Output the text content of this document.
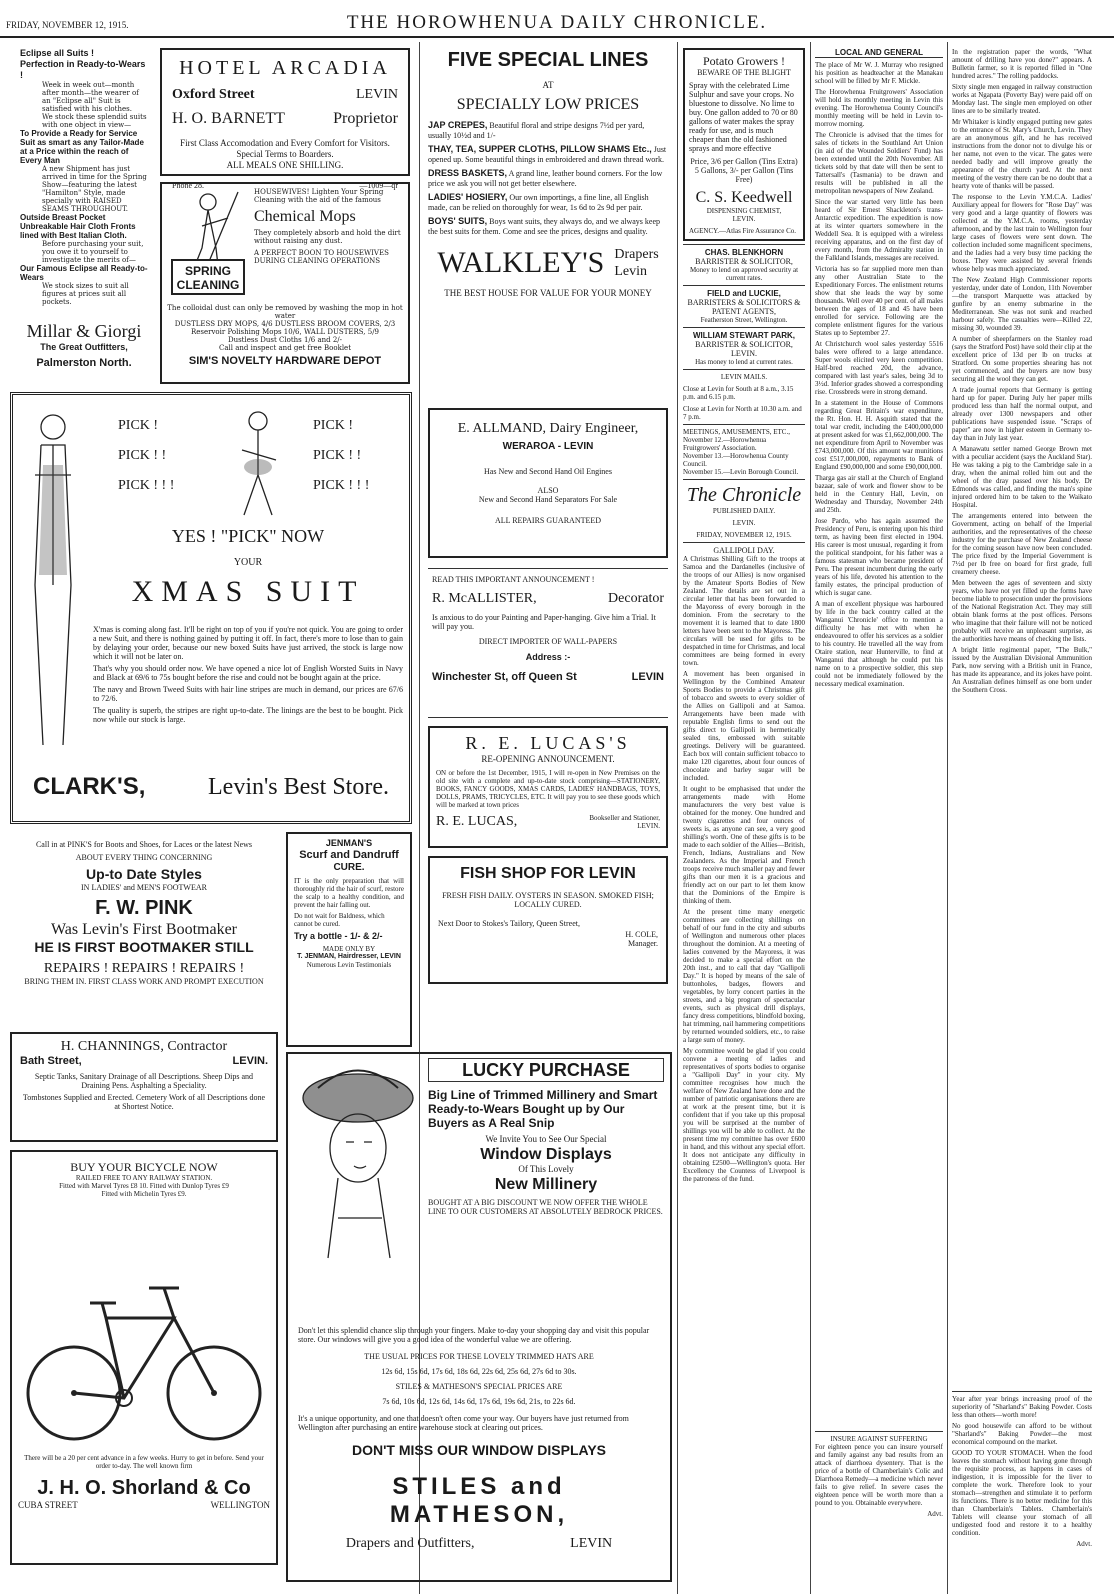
FRIDAY, NOVEMBER 12, 1915.	THE HOROWHENUA DAILY CHRONICLE.
Eclipse all Suits !
Perfection in Ready-to-Wears !
Week in week out—month after month—the wearer of an "Eclipse all" Suit is satisfied with his clothes.
We stock these splendid suits with one object in view—
To Provide a Ready for Service Suit as smart as any Tailor-Made at a Price within the reach of Every Man
A new Shipment has just arrived in time for the Spring Show—featuring the latest "Hamilton" Style, made specially with RAISED SEAMS THROUGHOUT.
Outside Breast Pocket Unbreakable Hair Cloth Fronts lined with Best Italian Cloth.
Before purchasing your suit, you owe it to yourself to investigate the merits of—
Our Famous Eclipse all Ready-to-Wears
We stock sizes to suit all figures at prices suit all pockets.
Millar & Giorgi
The Great Outfitters,
Palmerston North.
HOTEL ARCADIA
Oxford Street	LEVIN
H. O. BARNETT	Proprietor
First Class Accomodation and Every Comfort for Visitors. Special Terms to Boarders.
ALL MEALS ONE SHILLING.
Phone 28.	—1009—qr
SPRING
CLEANING
HOUSEWIVES! Lighten Your Spring Cleaning with the aid of the famous
Chemical Mops
They completely absorb and hold the dirt without raising any dust.
A PERFECT BOON TO HOUSEWIVES DURING CLEANING OPERATIONS
The colloidal dust can only be removed by washing the mop in hot water
DUSTLESS DRY MOPS, 4/6 DUSTLESS BROOM COVERS, 2/3
Reservoir Polishing Mops 10/6, WALL DUSTERS, 5/9
Dustless Dust Cloths 1/6 and 2/-
Call and inspect and get free Booklet
SIM'S NOVELTY HARDWARE DEPOT
PICK !
PICK ! !
PICK ! ! !
PICK !
PICK ! !
PICK ! ! !
YES ! "PICK" NOW
YOUR
XMAS SUIT

X'mas is coming along fast. It'll be right on top of you if you're not quick. You are going to order a new Suit, and there is nothing gained by putting it off. In fact, there's more to lose than to gain by delaying your order, because our new boxed Suits have just arrived, the stock is large now which it will not be later on.

That's why you should order now. We have opened a nice lot of English Worsted Suits in Navy and Black at 69/6 to 75s bought before the rise and could not be bought again at the price.

The navy and Brown Tweed Suits with hair line stripes are much in demand, our prices are 67/6 to 72/6.

The quality is superb, the stripes are right up-to-date. The linings are the best to be bought. Pick now while our stock is large.

CLARK'S,	Levin's Best Store.
Call in at PINK'S for Boots and Shoes, for Laces or the latest News
ABOUT EVERY THING CONCERNING
Up-to Date Styles
IN LADIES' and MEN'S FOOTWEAR
F. W. PINK
Was Levin's First Bootmaker
HE IS FIRST BOOTMAKER STILL
REPAIRS ! REPAIRS ! REPAIRS !
BRING THEM IN. FIRST CLASS WORK AND PROMPT EXECUTION
H. CHANNINGS, Contractor
Bath Street,	LEVIN.
Septic Tanks, Sanitary Drainage of all Descriptions. Sheep Dips and Draining Pens. Asphalting a Speciality.
Tombstones Supplied and Erected. Cemetery Work of all Descriptions done at Shortest Notice.
BUY YOUR BICYCLE NOW
RAILED FREE TO ANY RAILWAY STATION.
Fitted with Marvel Tyres £8 10. Fitted with Dunlop Tyres £9
Fitted with Michelin Tyres £9.
There will be a 20 per cent advance in a few weeks. Hurry to get in before. Send your order to-day. The well known firm
J. H. O. Shorland & Co
CUBA STREET	WELLINGTON
JENMAN'S
Scurf and Dandruff
CURE.
IT is the only preparation that will thoroughly rid the hair of scurf, restore the scalp to a healthy condition, and prevent the hair falling out.
Do not wait for Baldness, which cannot be cured.
Try a bottle - 1/- & 2/-
MADE ONLY BY
T. JENMAN, Hairdresser, LEVIN
Numerous Levin Testimonials
FIVE SPECIAL LINES
AT
SPECIALLY LOW PRICES
JAP CREPES, Beautiful floral and stripe designs 7½d per yard, usually 10½d and 1/-
THAY, TEA, SUPPER CLOTHS, PILLOW SHAMS Etc., Just opened up. Some beautiful things in embroidered and drawn thread work.
DRESS BASKETS, A grand line, leather bound corners. For the low price we ask you will not get better elsewhere.
LADIES' HOSIERY, Our own importings, a fine line, all English made, can be relied on thoroughly for wear, 1s 6d to 2s 9d per pair.
BOYS' SUITS, Boys want suits, they always do, and we always keep the best suits for them. Come and see the prices, designs and quality.
WALKLEY'S Drapers
Levin
THE BEST HOUSE FOR VALUE FOR YOUR MONEY
E. ALLMAND, Dairy Engineer,
WERAROA - LEVIN
Has New and Second Hand Oil Engines
ALSO
New and Second Hand Separators For Sale
ALL REPAIRS GUARANTEED
READ THIS IMPORTANT ANNOUNCEMENT !
R. McALLISTER,	Decorator
Is anxious to do your Painting and Paper-hanging. Give him a Trial. It will pay you.
DIRECT IMPORTER OF WALL-PAPERS
Address :-
Winchester St, off Queen St	LEVIN
R. E. LUCAS'S
RE-OPENING ANNOUNCEMENT.
ON or before the 1st December, 1915, I will re-open in New Premises on the old site with a complete and up-to-date stock comprising—STATIONERY, BOOKS, FANCY GOODS, XMAS CARDS, LADIES' HANDBAGS, TOYS, DOLLS, PRAMS, TRICYCLES, ETC. It will pay you to see these goods which will be marked at town prices
R. E. LUCAS,	Bookseller and Stationer, LEVIN.
FISH SHOP FOR LEVIN
FRESH FISH DAILY. OYSTERS IN SEASON. SMOKED FISH; LOCALLY CURED.
Next Door to Stokes's Tailory, Queen Street,
H. COLE,
Manager.
LUCKY PURCHASE
Big Line of Trimmed Millinery and Smart Ready-to-Wears Bought up by Our Buyers as A Real Snip
We Invite You to See Our Special
Window Displays
Of This Lovely
New Millinery
BOUGHT AT A BIG DISCOUNT WE NOW OFFER THE WHOLE LINE TO OUR CUSTOMERS AT ABSOLUTELY BEDROCK PRICES.
Don't let this splendid chance slip through your fingers. Make to-day your shopping day and visit this popular store. Our windows will give you a good idea of the wonderful value we are offering.
THE USUAL PRICES FOR THESE LOVELY TRIMMED HATS ARE
12s 6d, 15s 6d, 17s 6d, 18s 6d, 22s 6d, 25s 6d, 27s 6d to 30s.
STILES & MATHESON'S SPECIAL PRICES ARE
7s 6d, 10s 6d, 12s 6d, 14s 6d, 17s 6d, 19s 6d, 21s, to 22s 6d.
It's a unique opportunity, and one that doesn't often come your way. Our buyers have just returned from Wellington after purchasing an entire warehouse stock at clearing out prices.
DON'T MISS OUR WINDOW DISPLAYS
STILES and MATHESON,
Drapers and Outfitters,	LEVIN
Potato Growers !
BEWARE OF THE BLIGHT
Spray with the celebrated Lime Sulphur and save your crops. No bluestone to dissolve. No lime to buy. One gallon added to 70 or 80 gallons of water makes the spray ready for use, and is much cheaper than the old fashioned sprays and more effective
Price, 3/6 per Gallon (Tins Extra)
5 Gallons, 3/- per Gallon (Tins Free)
C. S. Keedwell
DISPENSING CHEMIST,
LEVIN.
AGENCY.—Atlas Fire Assurance Co.
CHAS. BLENKHORN
BARRISTER & SOLICITOR,
Money to lend on approved security at current rates.
FIELD and LUCKIE,
BARRISTERS & SOLICITORS & PATENT AGENTS,
Featherston Street, Wellington.
WILLIAM STEWART PARK,
BARRISTER & SOLICITOR, LEVIN.
Has money to lend at current rates.
LEVIN MAILS.
Close at Levin for South at 8 a.m., 3.15 p.m. and 6.15 p.m.
Close at Levin for North at 10.30 a.m. and 7 p.m.
MEETINGS, AMUSEMENTS, ETC.,
November 12.—Horowhenua Fruitgrowers' Association.
November 13.—Horowhenua County Council.
November 15.—Levin Borough Council.
The Chronicle
PUBLISHED DAILY.
LEVIN.
FRIDAY, NOVEMBER 12, 1915.
GALLIPOLI DAY.

A Christmas Shilling Gift to the troops at Samoa and the Dardanelles (inclusive of the troops of our Allies) is now organised by the Amateur Sports Bodies of New Zealand. The details are set out in a circular letter that has been forwarded to the Mayoress of every borough in the dominion. From the secretary to the movement it is learned that to date 1800 letters have been sent to the Mayoress. The circulars will be used for gifts to be despatched in time for Christmas, and local committees are being formed in every town.

A movement has been organised in Wellington by the Combined Amateur Sports Bodies to provide a Christmas gift of tobacco and sweets to every soldier of the Allies on Gallipoli and at Samoa. Arrangements have been made with reputable English firms to send out the gifts direct to Gallipoli in hermetically sealed tins, embossed with suitable greetings. Delivery will be guaranteed. Each box will contain sufficient tobacco to make 120 cigarettes, about four ounces of chocolate and barley sugar will be included.

It ought to be emphasised that under the arrangements made with Home manufacturers the very best value is obtained for the money. One hundred and twenty cigarettes and four ounces of sweets is, as anyone can see, a very good shilling's worth. One of these gifts is to be made to each soldier of the Allies—British, French, Indians, Australians and New Zealanders. As the Imperial and French troops receive much smaller pay and fewer gifts than our men it is a gracious and friendly act on our part to let them know that the Dominions of the Empire is thinking of them.

At the present time many energetic committees are collecting shillings on behalf of our fund in the city and suburbs of Wellington and numerous other places throughout the dominion. At a meeting of ladies convened by the Mayoress, it was decided to make a special effort on the 20th inst., and to call that day "Gallipoli Day." It is hoped by means of the sale of buttonholes, badges, flowers and vegetables, by lorry concert parties in the streets, and a big program of spectacular events, such as physical drill displays, fancy dress competitions, blindfold boxing, hat trimming, nail hammering competitions by returned wounded soldiers, etc., to raise a large sum of money.

My committee would be glad if you could convene a meeting of ladies and representatives of sports bodies to organise a "Gallipoli Day" in your city. My committee recognises how much the welfare of New Zealand have done and the number of patriotic organisations there are at work at the present time, but it is confident that if you take up this proposal you will be surprised at the number of shillings you will be able to collect. At the present time my committee has over £600 in hand, and this without any special effort. It does not anticipate any difficulty in obtaining £2500—Wellington's quota. Her Excellency the Countess of Liverpool is the patroness of the fund.

LOCAL AND GENERAL

The place of Mr W. J. Murray who resigned his position as headteacher at the Manakau school will be filled by Mr F. Mickle.

The Horowhenua Fruitgrowers' Association will hold its monthly meeting in Levin this evening. The Horowhenua County Council's monthly meeting will be held in Levin to-morrow morning.

The Chronicle is advised that the times for sales of tickets in the Southland Art Union (in aid of the Wounded Soldiers' Fund) has been extended until the 20th November. All tickets sold by that date will then be sent to Tattersall's (Tasmania) to be drawn and results will be published in all the metropolitan newspapers of New Zealand.

Since the war started very little has been heard of Sir Ernest Shackleton's trans-Antarctic expedition. The expedition is now at its winter quarters somewhere in the Weddell Sea. It is equipped with a wireless receiving apparatus, and on the first day of every month, from the Admiralty station in the Falkland Islands, messages are received.

Victoria has so far supplied more men than any other Australian State to the Expeditionary Forces. The enlistment returns show that she leads the way by some thousands. Well over 40 per cent. of all males between the ages of 18 and 45 have been enrolled for service. Following are the complete enlistment figures for the various States up to September 27.

At Christchurch wool sales yesterday 5516 bales were offered to a large attendance. Super wools elicited very keen competition. Half-bred reached 20d, the advance, compared with last year's sales, being 3d to 3½d. Inferior grades showed a corresponding rise. Crossbreds were in strong demand.

In a statement in the House of Commons regarding Great Britain's war expenditure, the Rt. Hon. H. H. Asquith stated that the total war credit, including the £400,000,000 at present asked for was £1,662,000,000. The net expenditure from April to November was £743,000,000. Of this amount war munitions cost £517,000,000, repayments to Bank of England £90,000,000 and some £90,000,000.

Tharga gas air stall at the Church of England bazaar, sale of work and flower show to be held in the Century Hall, Levin, on Wednesday and Thursday, November 24th and 25th.

Jose Pardo, who has again assumed the Presidency of Peru, is entering upon his third term, as having been first elected in 1904. His career is most unusual, regarding it from the political standpoint, for his father was a famous statesman who became president of Peru. The present incumbent during the early years of his life, devoted his attention to the family estates, the principal production of which is sugar cane.

A man of excellent physique was harboured by life in the back country called at the Wanganui 'Chronicle' office to mention a difficulty he has met with when he endeavoured to offer his services as a soldier to his country. He travelled all the way from Otaire station, near Hunterville, to find at Wanganui that although he could put his name on to a prospective soldier, this step could not be immediately followed by the necessary medical examination.

INSURE AGAINST SUFFERING

For eighteen pence you can insure yourself and family against any bad results from an attack of diarrhoea dysentery. That is the price of a bottle of Chamberlain's Colic and Diarrhoea Remedy—a medicine which never fails to give relief. In severe cases the eighteen pence will be worth more than a pound to you. Obtainable everywhere.

Advt.

In the registration paper the words, "What amount of drilling have you done?" appears. A Bulletin farmer, so it is reported filled in "One hundred acres." The rolling paddocks.

Sixty single men engaged in railway construction works at Ngapata (Poverty Bay) were paid off on Monday last. The single men employed on other lines are to be similarly treated.

Mr Whitaker is kindly engaged putting new gates to the entrance of St. Mary's Church, Levin. They are an anonymous gift, and he has received instructions from the donor not to divulge his or her name, not even to the vicar. The gates were needed badly and will improve greatly the appearance of the church yard. At the next meeting of the vestry there can be no doubt that a hearty vote of thanks will be passed.

The response to the Levin Y.M.C.A. Ladies' Auxiliary appeal for flowers for "Rose Day" was very good and a large quantity of flowers was collected at the Y.M.C.A. rooms, yesterday afternoon, and by the last train to Wellington four large cases of flowers were sent down. The collection included some magnificent specimens, and the ladies had a very busy time packing the boxes. They were assisted by several friends whose help was much appreciated.

The New Zealand High Commissioner reports yesterday, under date of London, 11th November—the transport Marquette was attacked by gunfire by an enemy submarine in the Mediterranean. She was not sunk and reached harbour safely. The casualties were—Killed 22, missing 30, wounded 39.

A number of sheepfarmers on the Stanley road (says the Stratford Post) have sold their clip at the excellent price of 13d per lb on trucks at Stratford. On some properties shearing has not yet commenced, and the buyers are now busy securing all the wool they can get.

A trade journal reports that Germany is getting hard up for paper. During July her paper mills produced less than half the normal output, and already over 1300 newspapers and other publications have suspended issue. "Scraps of paper" are now in higher esteem in Germany to-day than in July last year.

A Manawatu settler named George Brown met with a peculiar accident (says the Auckland Star). He was taking a pig to the Cambridge sale in a dray, when the animal rolled him out and the wheel of the dray passed over his body. Dr Edmonds was called, and finding the man's spine injured ordered him to be taken to the Waikato Hospital.

The arrangements entered into between the Government, acting on behalf of the Imperial authorities, and the representatives of the cheese industry for the purchase of New Zealand cheese for the coming season have now been concluded. The price fixed by the Imperial Government is 7½d per lb free on board for first grade, full creamery cheese.

Men between the ages of seventeen and sixty years, who have not yet filled up the forms have become liable to prosecution under the provisions of the National Registration Act. They may still obtain blank forms at the post offices. Persons who imagine that their failure will not be noticed probably will receive an unpleasant surprise, as the authorities have means of checking the lists.

A bright little regimental paper, "The Bulk," issued by the Australian Divisional Ammunition Park, now serving with a British unit in France, has made its appearance, and its jokes have point. An Australian defines himself as one born under the Southern Cross.

Year after year brings increasing proof of the superiority of "Sharland's" Baking Powder. Costs less than others—worth more!

No good housewife can afford to be without "Sharland's" Baking Powder—the most economical compound on the market.

GOOD TO YOUR STOMACH. When the food leaves the stomach without having gone through the requisite process, as happens in cases of indigestion, it is impossible for the liver to complete the work. Therefore look to your stomach—strengthen and stimulate it to perform its functions. There is no better medicine for this than Chamberlain's Tablets. Chamberlain's Tablets will cleanse your stomach of all undigested food and restore it to a healthy condition.

Advt.
